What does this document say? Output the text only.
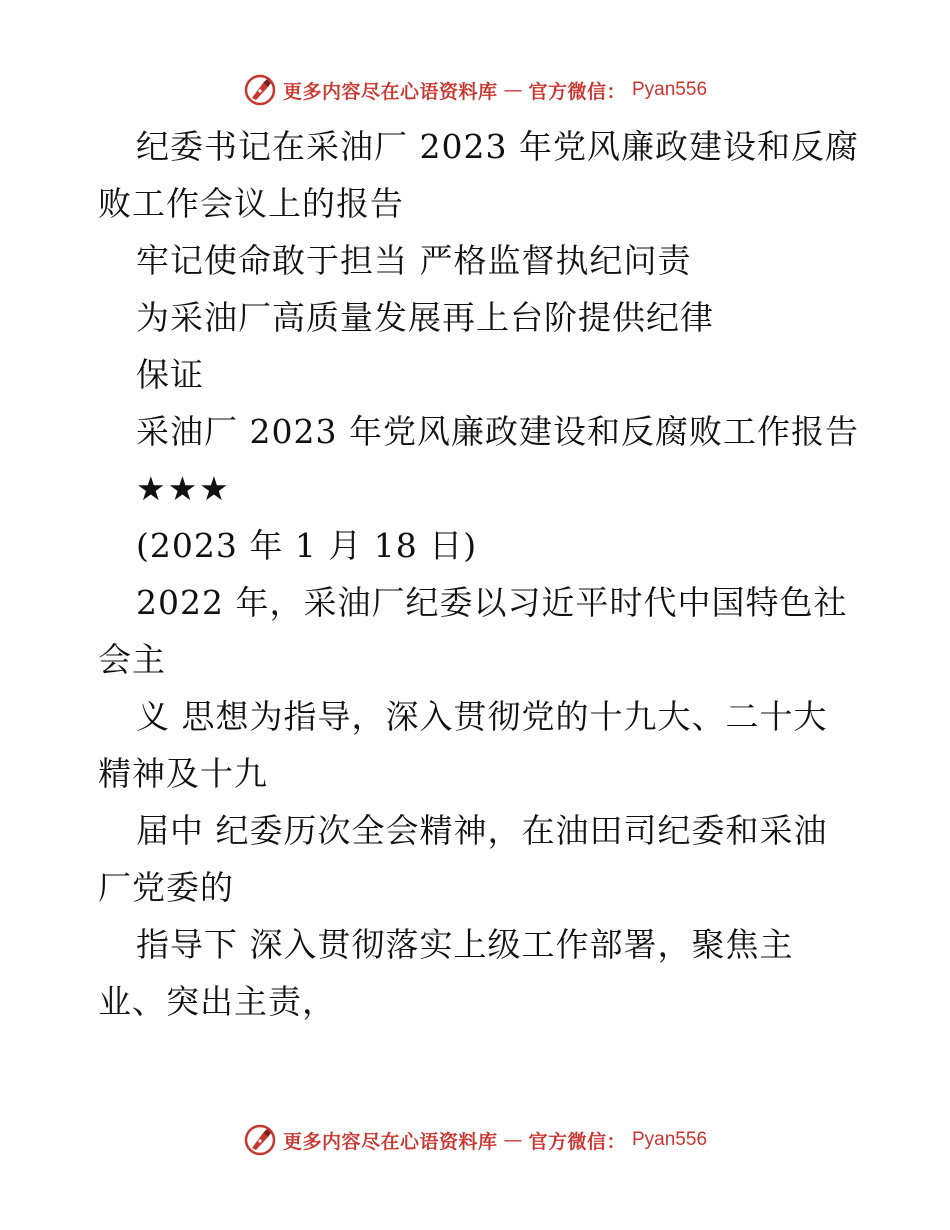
更多内容尽在心语资料库 — 官方微信： Pyan556
纪委书记在采油厂 2023 年党风廉政建设和反腐
败工作会议上的报告
牢记使命敢于担当 严格监督执纪问责
为采油厂高质量发展再上台阶提供纪律
保证
采油厂 2023 年党风廉政建设和反腐败工作报告
★★★
(2023 年 1 月 18 日)
2022 年，采油厂纪委以习近平时代中国特色社
会主
义 思想为指导，深入贯彻党的十九大、二十大
精神及十九
届中 纪委历次全会精神，在油田司纪委和采油
厂党委的
指导下 深入贯彻落实上级工作部署，聚焦主
业、突出主责，
更多内容尽在心语资料库 — 官方微信： Pyan556
